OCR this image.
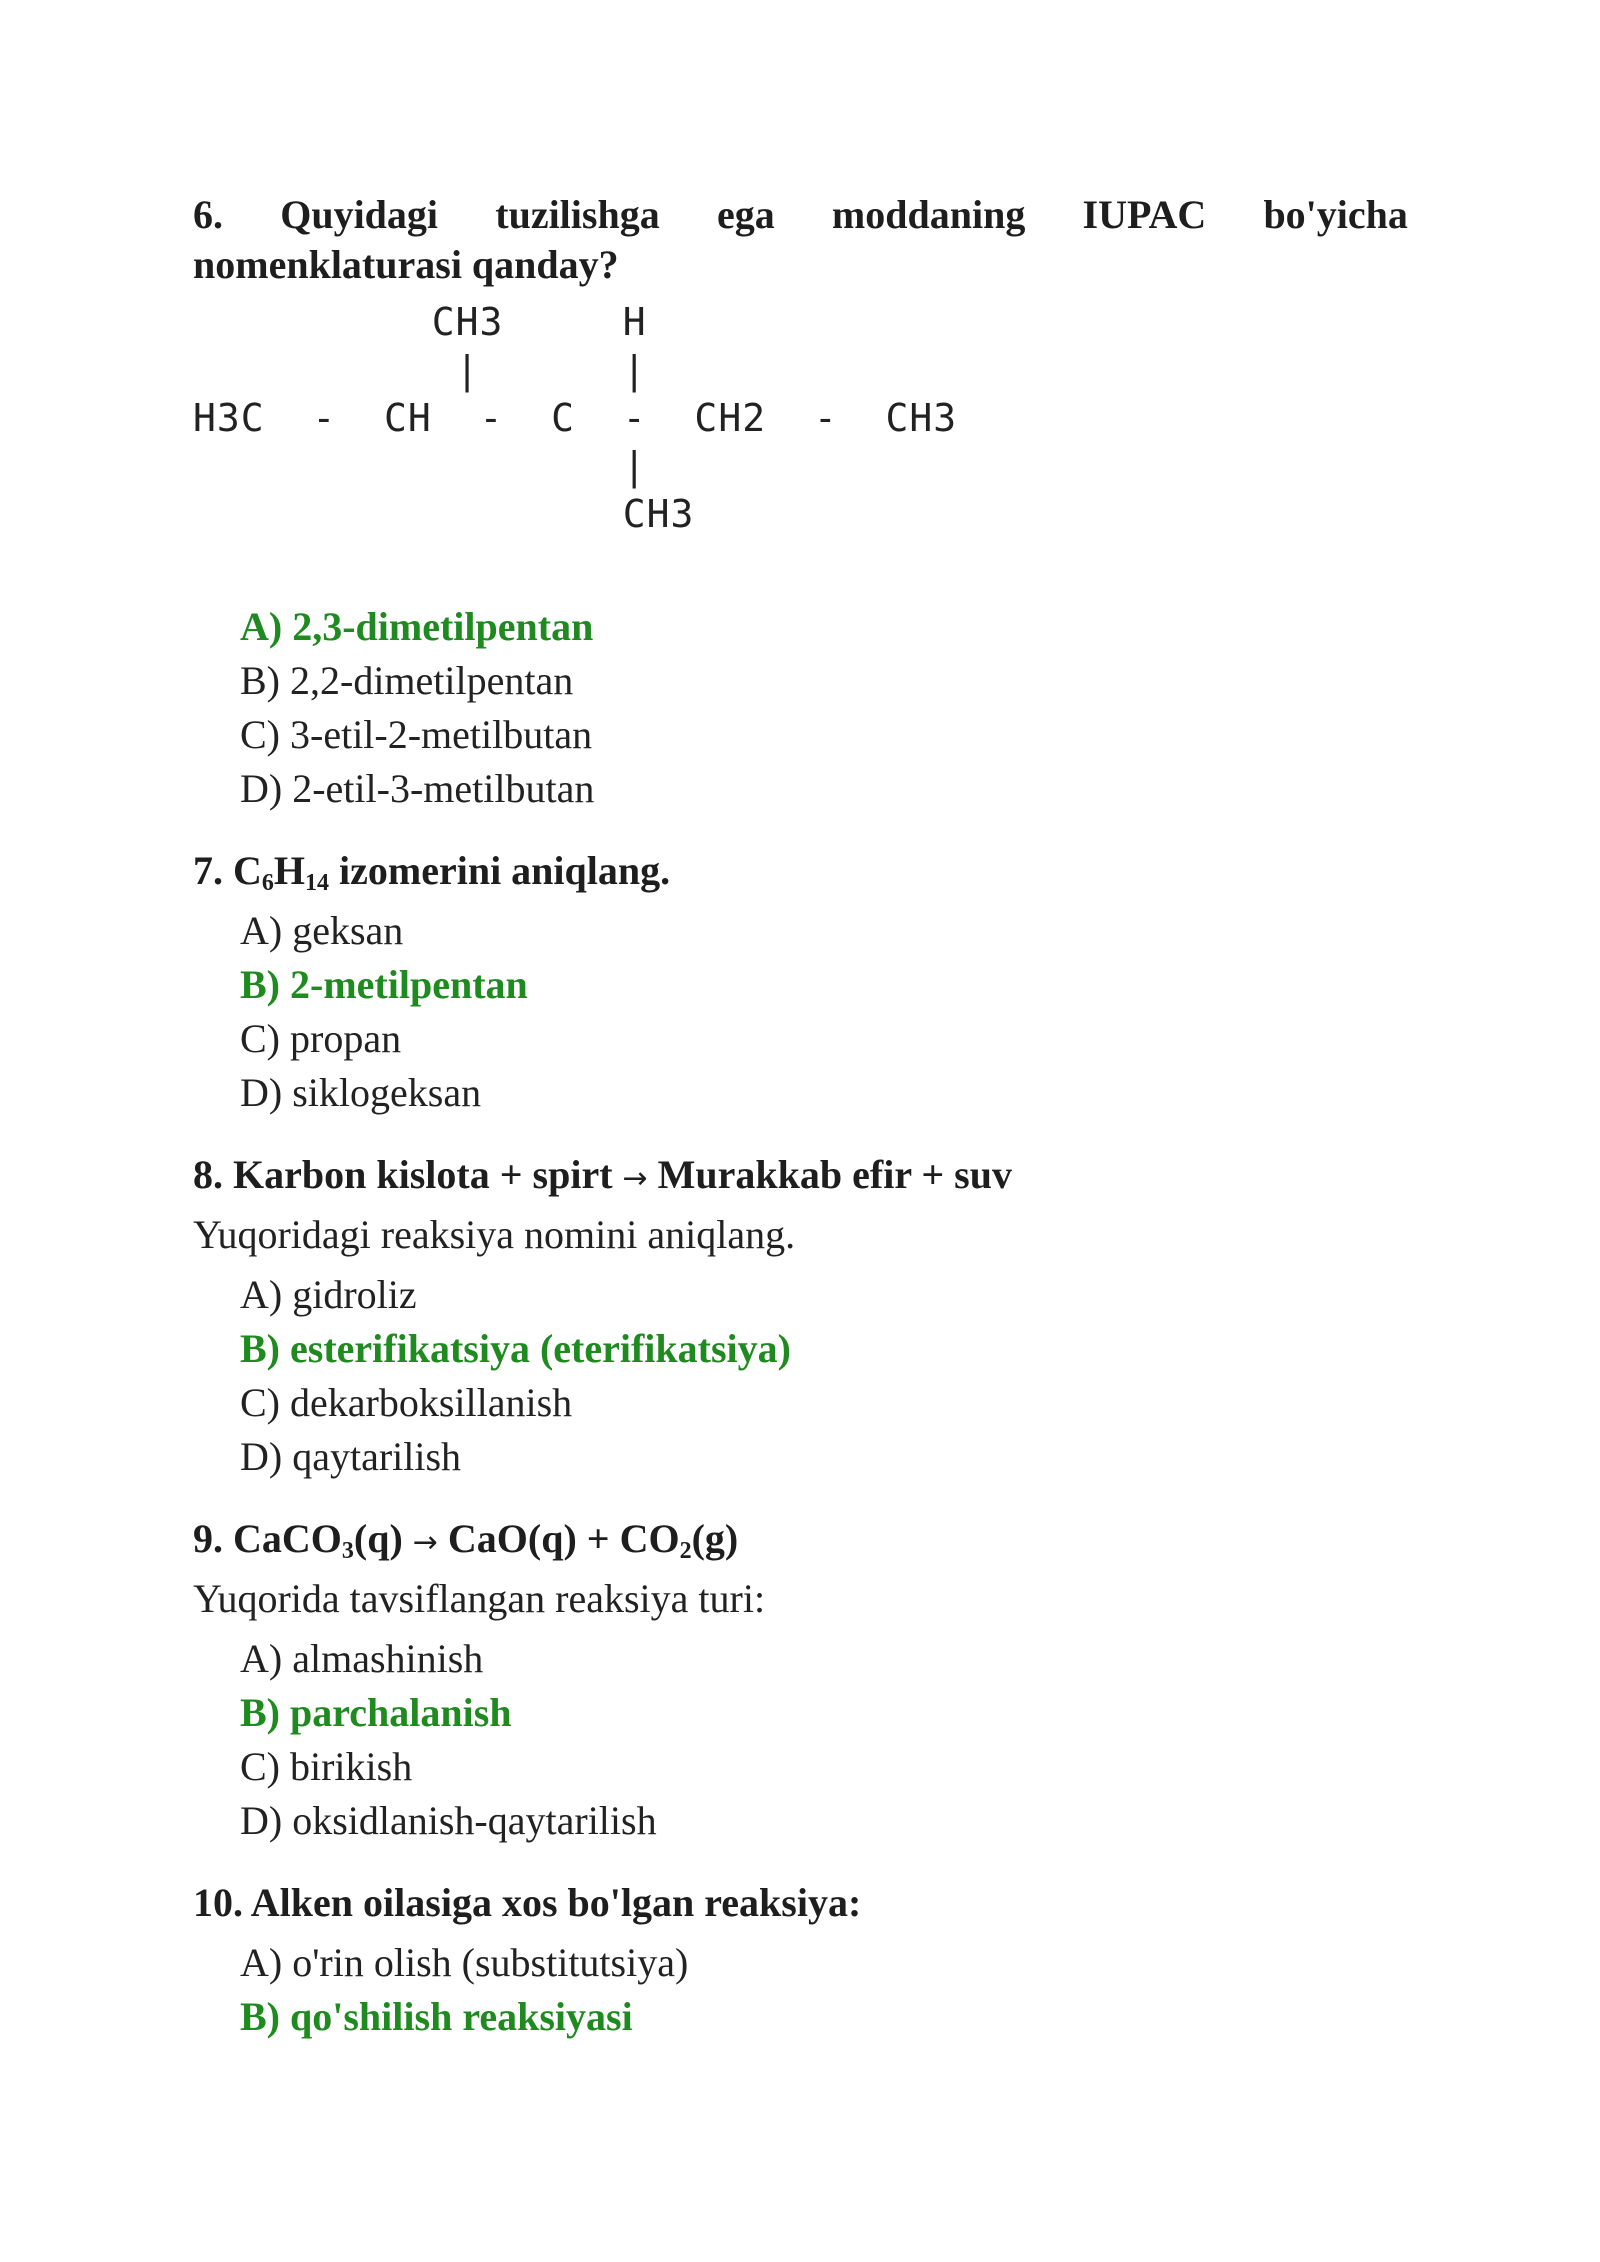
6. Quyidagi tuzilishga ega moddaning IUPAC bo'yicha
nomenklaturasi qanday?
CH3     H
|      |
H3C  -  CH  -  C  -  CH2  -  CH3
|
CH3
A) 2,3-dimetilpentan
B) 2,2-dimetilpentan
C) 3-etil-2-metilbutan
D) 2-etil-3-metilbutan
7. $C_6H_{14}$ izomerini aniqlang.
A) geksan
B) 2-metilpentan
C) propan
D) siklogeksan
8. Karbon kislota + spirt → Murakkab efir + suv
Yuqoridagi reaksiya nomini aniqlang.
A) gidroliz
B) esterifikatsiya (eterifikatsiya)
C) dekarboksillanish
D) qaytarilish
9. CaCO$_3$(q) → $CaO(q) + CO_2(g)$
Yuqorida tavsiflangan reaksiya turi:
A) almashinish
B) parchalanish
C) birikish
D) oksidlanish-qaytarilish
10. Alken oilasiga xos bo'lgan reaksiya:
A) o'rin olish (substitutsiya)
B) qo'shilish reaksiyasi
